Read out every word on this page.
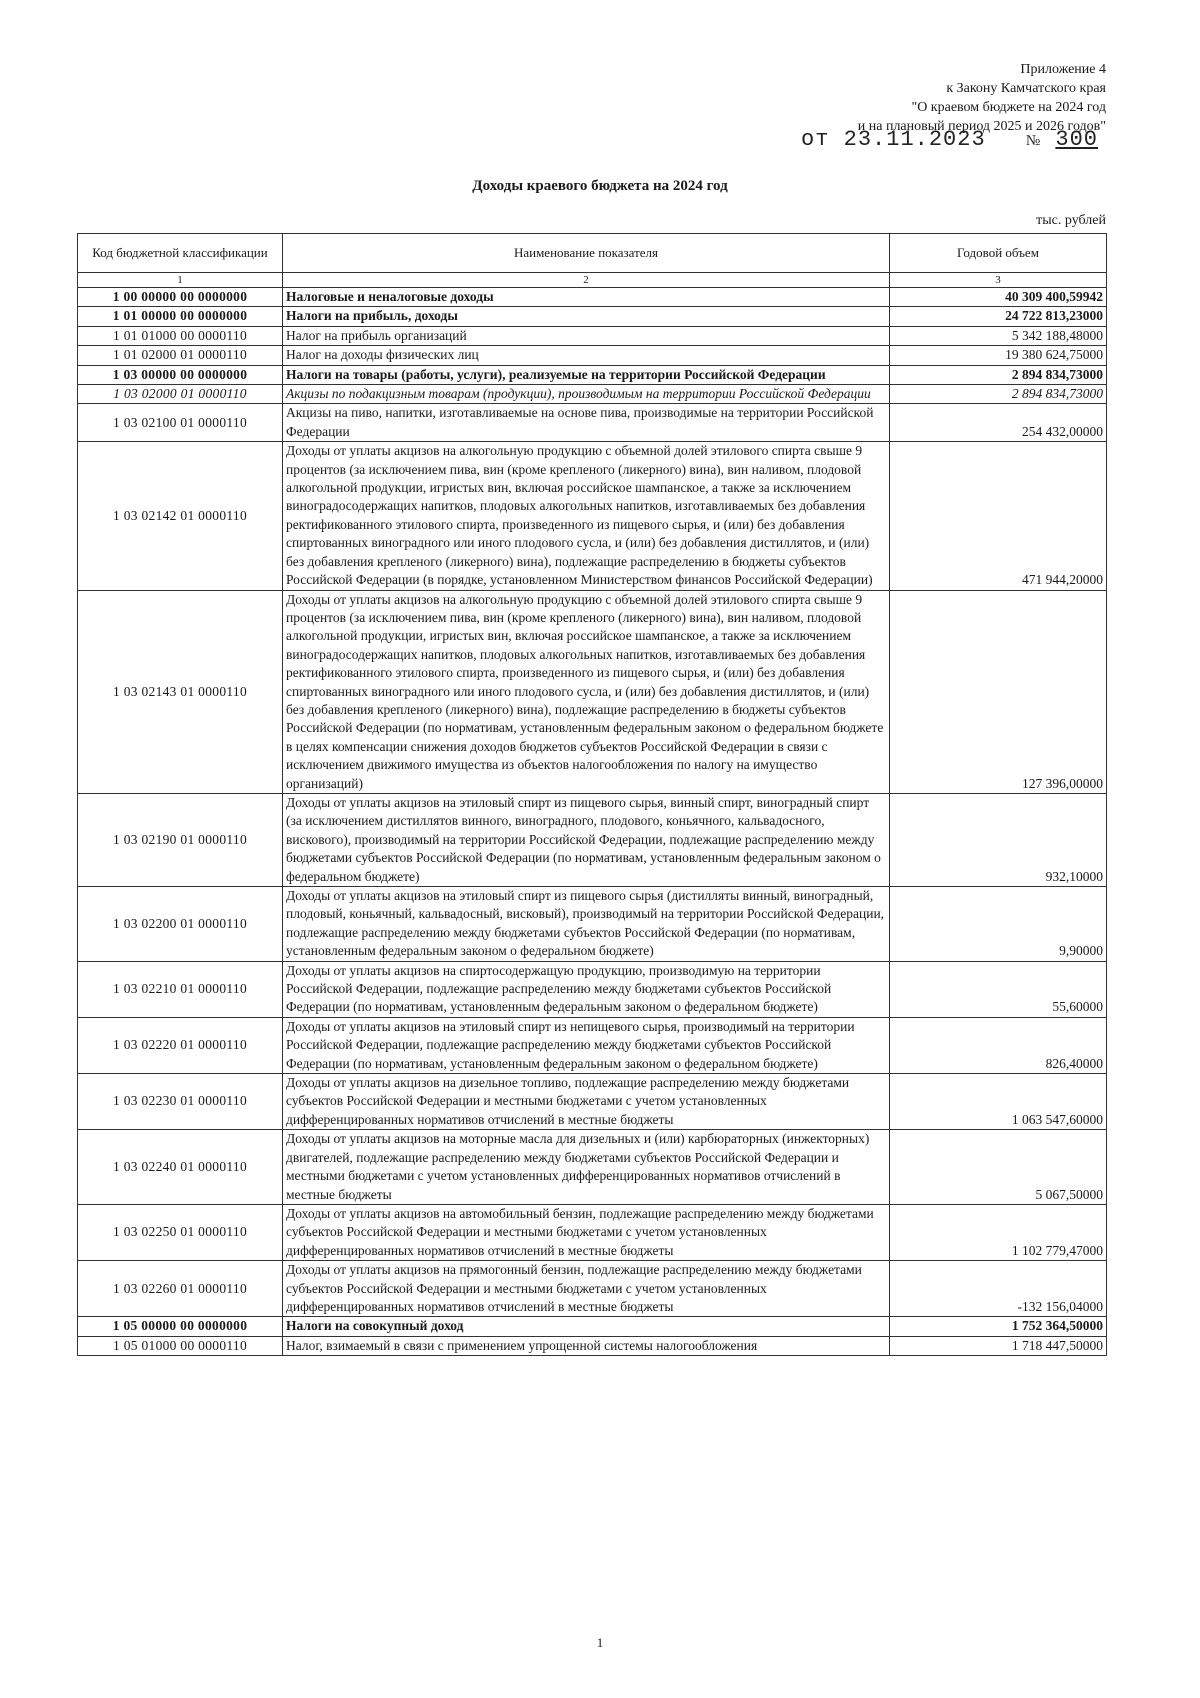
Приложение 4
к Закону Камчатского края
"О краевом бюджете на 2024 год
и на плановый период 2025 и 2026 годов"
от 23.11.2023	№ 300
Доходы краевого бюджета на 2024 год
тыс. рублей
Код бюджетной классификации	Наименование показателя	Годовой объем
1	2	3
1 00 00000 00 0000000	Налоговые и неналоговые доходы	40 309 400,59942
1 01 00000 00 0000000	Налоги на прибыль, доходы	24 722 813,23000
1 01 01000 00 0000110	Налог на прибыль организаций	5 342 188,48000
1 01 02000 01 0000110	Налог на доходы физических лиц	19 380 624,75000
1 03 00000 00 0000000	Налоги на товары (работы, услуги), реализуемые на территории Российской Федерации	2 894 834,73000
1 03 02000 01 0000110	Акцизы по подакцизным товарам (продукции), производимым на территории Российской Федерации	2 894 834,73000
1 03 02100 01 0000110	Акцизы на пиво, напитки, изготавливаемые на основе пива, производимые на территории Российской Федерации	254 432,00000
1 03 02142 01 0000110	Доходы от уплаты акцизов на алкогольную продукцию с объемной долей этилового спирта свыше 9 процентов (за исключением пива, вин (кроме крепленого (ликерного) вина), вин наливом, плодовой алкогольной продукции, игристых вин, включая российское шампанское, а также за исключением виноградосодержащих напитков, плодовых алкогольных напитков, изготавливаемых без добавления ректификованного этилового спирта, произведенного из пищевого сырья, и (или) без добавления спиртованных виноградного или иного плодового сусла, и (или) без добавления дистиллятов, и (или) без добавления крепленого (ликерного) вина), подлежащие распределению в бюджеты субъектов Российской Федерации (в порядке, установленном Министерством финансов Российской Федерации)	471 944,20000
1 03 02143 01 0000110	Доходы от уплаты акцизов на алкогольную продукцию с объемной долей этилового спирта свыше 9 процентов (за исключением пива, вин (кроме крепленого (ликерного) вина), вин наливом, плодовой алкогольной продукции, игристых вин, включая российское шампанское, а также за исключением виноградосодержащих напитков, плодовых алкогольных напитков, изготавливаемых без добавления ректификованного этилового спирта, произведенного из пищевого сырья, и (или) без добавления спиртованных виноградного или иного плодового сусла, и (или) без добавления дистиллятов, и (или) без добавления крепленого (ликерного) вина), подлежащие распределению в бюджеты субъектов Российской Федерации (по нормативам, установленным федеральным законом о федеральном бюджете в целях компенсации снижения доходов бюджетов субъектов Российской Федерации в связи с исключением движимого имущества из объектов налогообложения по налогу на имущество организаций)	127 396,00000
1 03 02190 01 0000110	Доходы от уплаты акцизов на этиловый спирт из пищевого сырья, винный спирт, виноградный спирт (за исключением дистиллятов винного, виноградного, плодового, коньячного, кальвадосного, вискового), производимый на территории Российской Федерации, подлежащие распределению между бюджетами субъектов Российской Федерации (по нормативам, установленным федеральным законом о федеральном бюджете)	932,10000
1 03 02200 01 0000110	Доходы от уплаты акцизов на этиловый спирт из пищевого сырья (дистилляты винный, виноградный, плодовый, коньячный, кальвадосный, висковый), производимый на территории Российской Федерации, подлежащие распределению между бюджетами субъектов Российской Федерации (по нормативам, установленным федеральным законом о федеральном бюджете)	9,90000
1 03 02210 01 0000110	Доходы от уплаты акцизов на спиртосодержащую продукцию, производимую на территории Российской Федерации, подлежащие распределению между бюджетами субъектов Российской Федерации (по нормативам, установленным федеральным законом о федеральном бюджете)	55,60000
1 03 02220 01 0000110	Доходы от уплаты акцизов на этиловый спирт из непищевого сырья, производимый на территории Российской Федерации, подлежащие распределению между бюджетами субъектов Российской Федерации (по нормативам, установленным федеральным законом о федеральном бюджете)	826,40000
1 03 02230 01 0000110	Доходы от уплаты акцизов на дизельное топливо, подлежащие распределению между бюджетами субъектов Российской Федерации и местными бюджетами с учетом установленных дифференцированных нормативов отчислений в местные бюджеты	1 063 547,60000
1 03 02240 01 0000110	Доходы от уплаты акцизов на моторные масла для дизельных и (или) карбюраторных (инжекторных) двигателей, подлежащие распределению между бюджетами субъектов Российской Федерации и местными бюджетами с учетом установленных дифференцированных нормативов отчислений в местные бюджеты	5 067,50000
1 03 02250 01 0000110	Доходы от уплаты акцизов на автомобильный бензин, подлежащие распределению между бюджетами субъектов Российской Федерации и местными бюджетами с учетом установленных дифференцированных нормативов отчислений в местные бюджеты	1 102 779,47000
1 03 02260 01 0000110	Доходы от уплаты акцизов на прямогонный бензин, подлежащие распределению между бюджетами субъектов Российской Федерации и местными бюджетами с учетом установленных дифференцированных нормативов отчислений в местные бюджеты	-132 156,04000
1 05 00000 00 0000000	Налоги на совокупный доход	1 752 364,50000
1 05 01000 00 0000110	Налог, взимаемый в связи с применением упрощенной системы налогообложения	1 718 447,50000
1
